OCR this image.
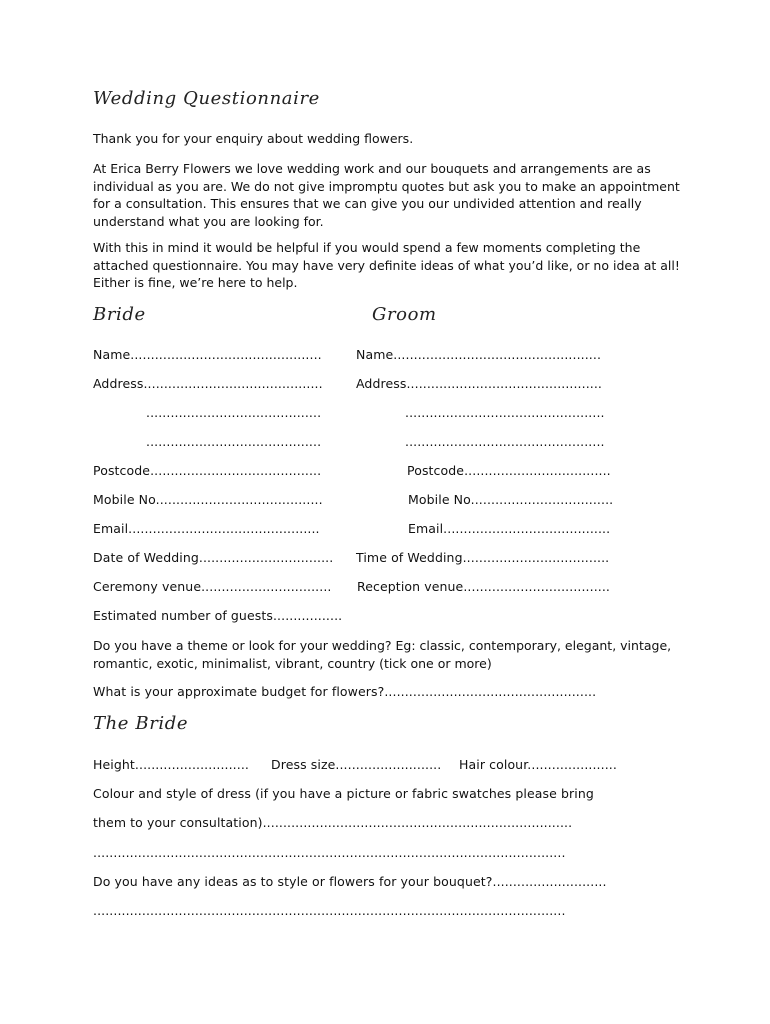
Wedding Questionnaire
Thank you for your enquiry about wedding flowers.
At Erica Berry Flowers we love wedding work and our bouquets and arrangements are as individual as you are. We do not give impromptu quotes but ask you to make an appointment for a consultation. This ensures that we can give you our undivided attention and really understand what you are looking for.
With this in mind it would be helpful if you would spend a few moments completing the attached questionnaire. You may have very definite ideas of what you’d like, or no idea at all! Either is fine, we’re here to help.
Bride	Groom
Name...............................................	Name...................................................
Address............................................	Address................................................
...........................................	.................................................
...........................................	.................................................
Postcode..........................................	Postcode....................................
Mobile No.........................................	Mobile No...................................
Email...............................................	Email.........................................
Date of Wedding................................. Time of Wedding....................................
Ceremony venue................................ Reception venue....................................
Estimated number of guests.................
Do you have a theme or look for your wedding? Eg: classic, contemporary, elegant, vintage, romantic, exotic, minimalist, vibrant, country (tick one or more)
What is your approximate budget for flowers?....................................................
The Bride
Height............................ Dress size.......................... Hair colour......................
Colour and style of dress (if you have a picture or fabric swatches please bring
them to your consultation)............................................................................
....................................................................................................................
Do you have any ideas as to style or flowers for your bouquet?............................
....................................................................................................................
